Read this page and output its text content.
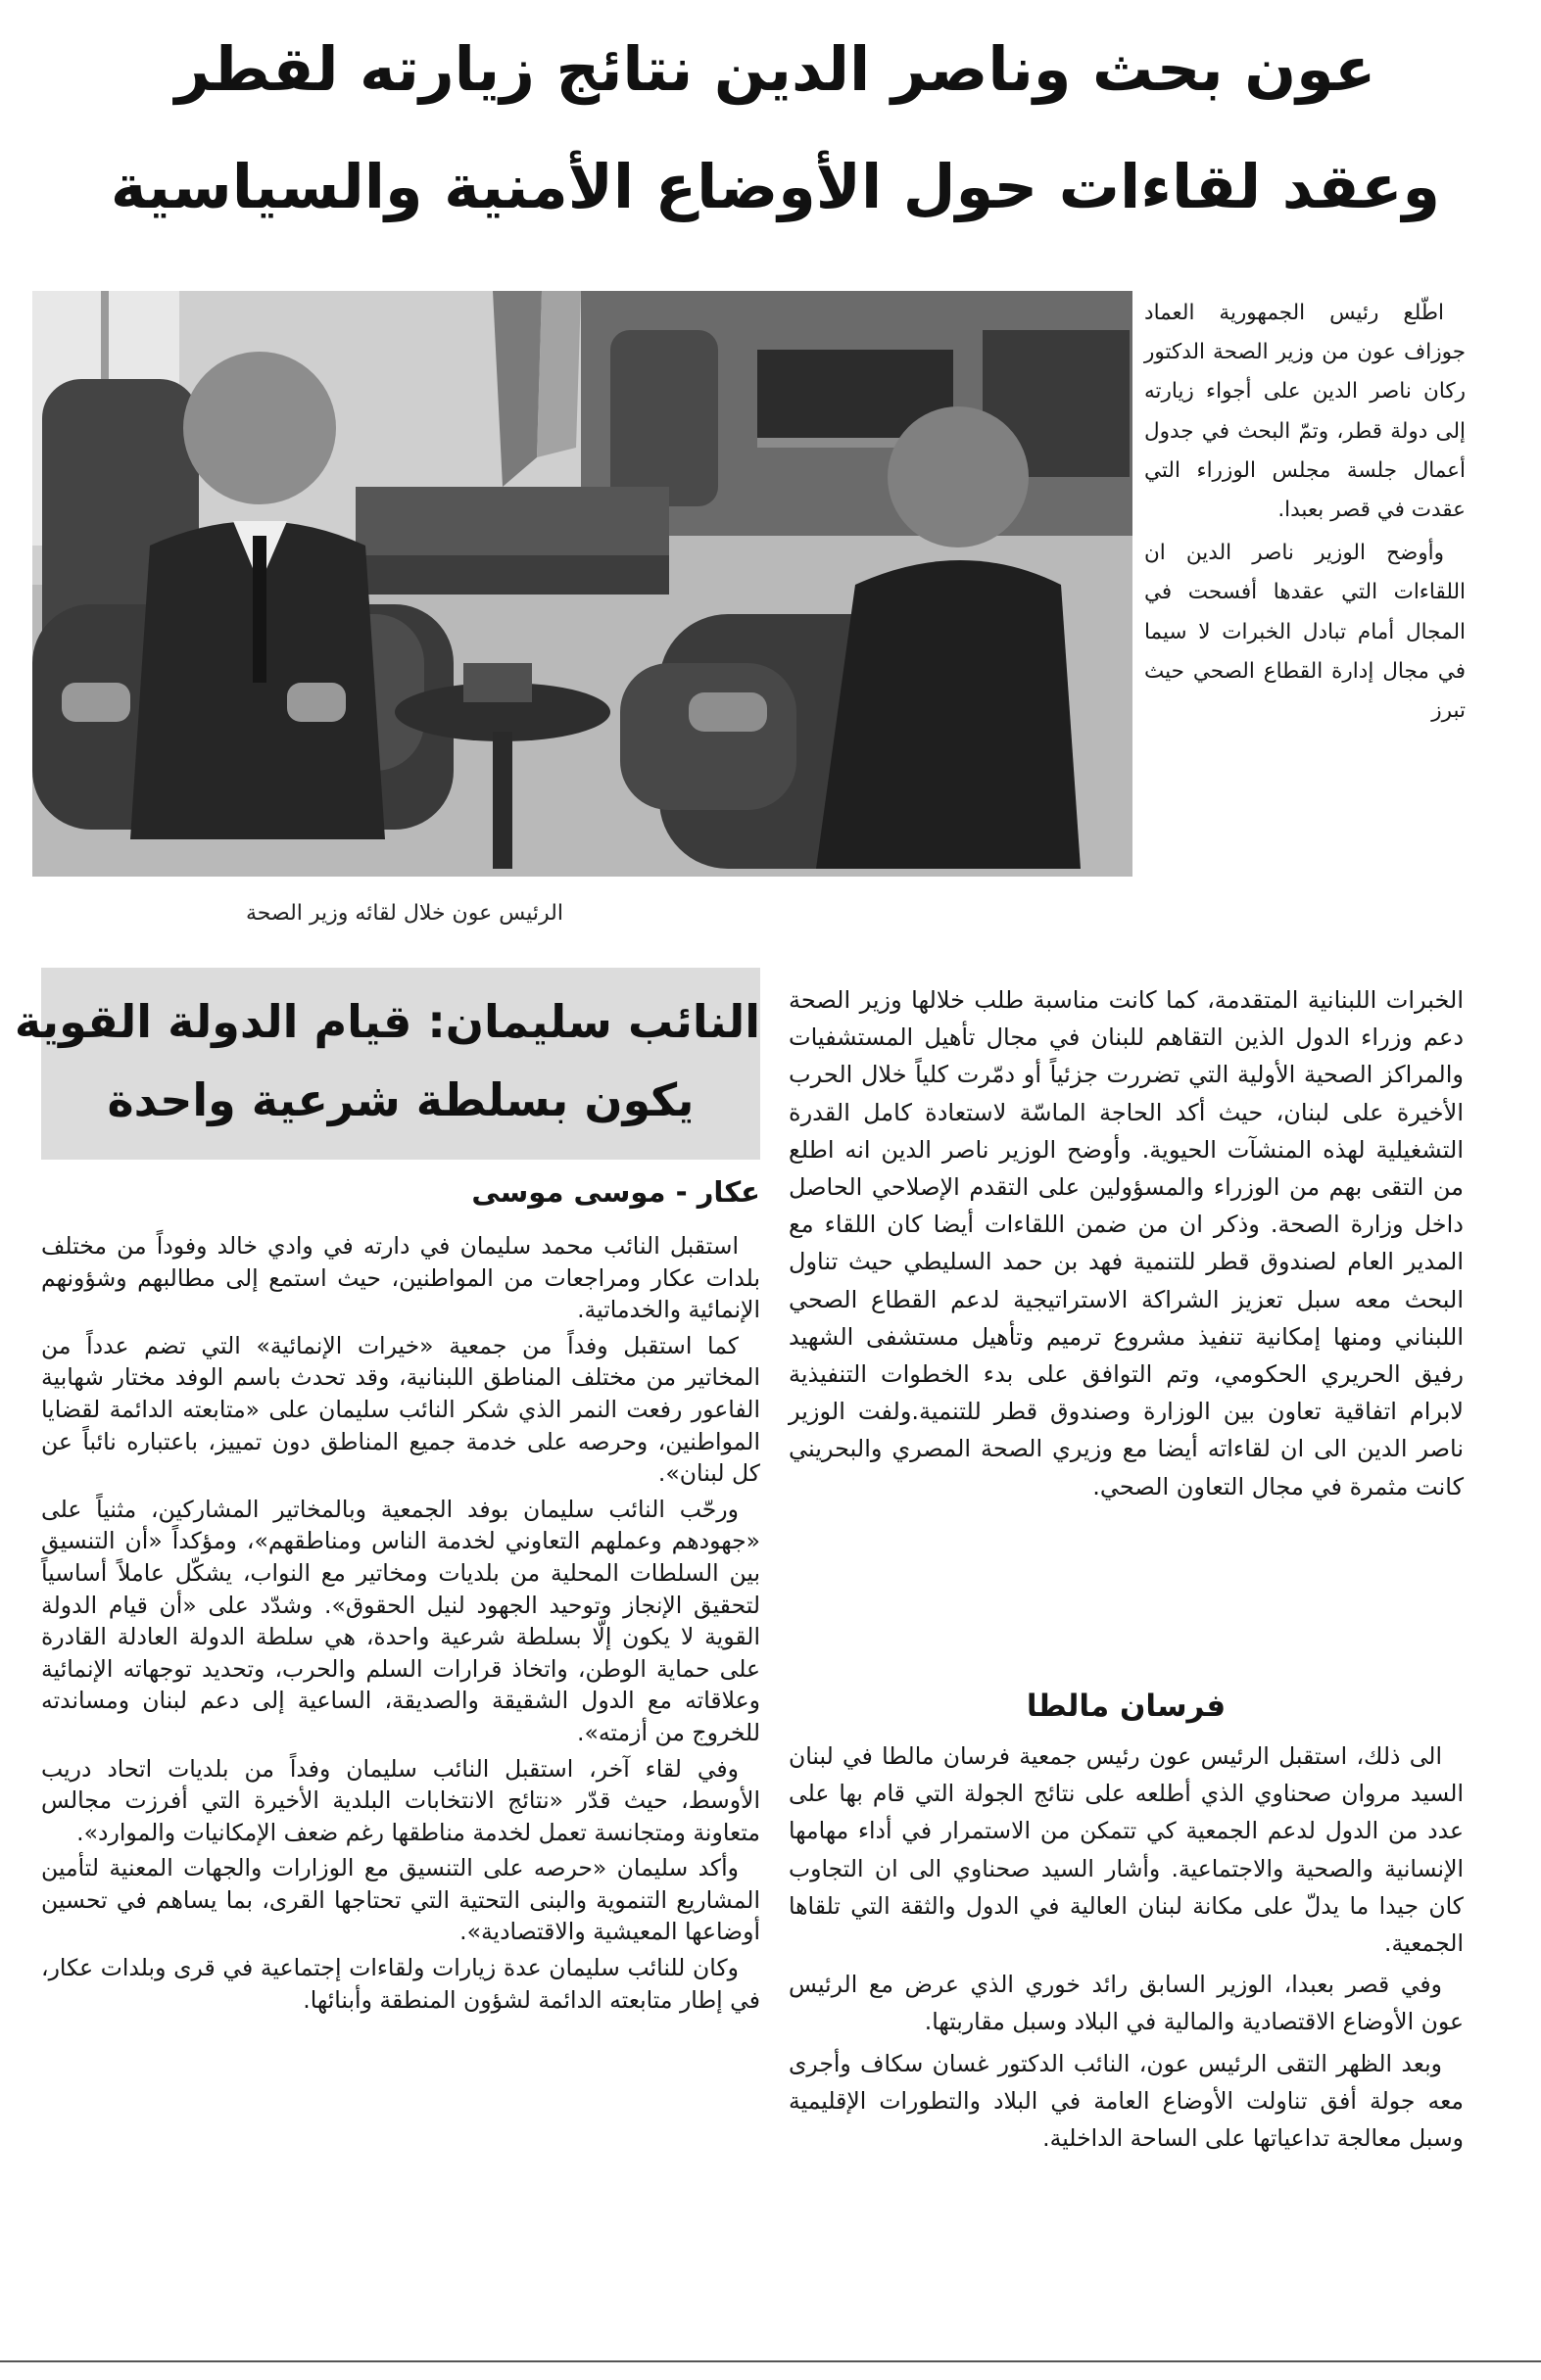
عون بحث وناصر الدين نتائج زيارته لقطر
وعقد لقاءات حول الأوضاع الأمنية والسياسية
الرئيس عون خلال لقائه وزير الصحة

اطّلع رئيس الجمهورية العماد جوزاف عون من وزير الصحة الدكتور ركان ناصر الدين على أجواء زيارته إلى دولة قطر، وتمّ البحث في جدول أعمال جلسة مجلس الوزراء التي عقدت في قصر بعبدا.

وأوضح الوزير ناصر الدين ان اللقاءات التي عقدها أفسحت في المجال أمام تبادل الخبرات لا سيما في مجال إدارة القطاع الصحي حيث تبرز

الخبرات اللبنانية المتقدمة، كما كانت مناسبة طلب خلالها وزير الصحة دعم وزراء الدول الذين التقاهم للبنان في مجال تأهيل المستشفيات والمراكز الصحية الأولية التي تضررت جزئياً أو دمّرت كلياً خلال الحرب الأخيرة على لبنان، حيث أكد الحاجة الماسّة لاستعادة كامل القدرة التشغيلية لهذه المنشآت الحيوية. وأوضح الوزير ناصر الدين انه اطلع من التقى بهم من الوزراء والمسؤولين على التقدم الإصلاحي الحاصل داخل وزارة الصحة. وذكر ان من ضمن اللقاءات أيضا كان اللقاء مع المدير العام لصندوق قطر للتنمية فهد بن حمد السليطي حيث تناول البحث معه سبل تعزيز الشراكة الاستراتيجية لدعم القطاع الصحي اللبناني ومنها إمكانية تنفيذ مشروع ترميم وتأهيل مستشفى الشهيد رفيق الحريري الحكومي، وتم التوافق على بدء الخطوات التنفيذية لابرام اتفاقية تعاون بين الوزارة وصندوق قطر للتنمية.ولفت الوزير ناصر الدين الى ان لقاءاته أيضا مع وزيري الصحة المصري والبحريني كانت مثمرة في مجال التعاون الصحي.

فرسان مالطا

الى ذلك، استقبل الرئيس عون رئيس جمعية فرسان مالطا في لبنان السيد مروان صحناوي الذي أطلعه على نتائج الجولة التي قام بها على عدد من الدول لدعم الجمعية كي تتمكن من الاستمرار في أداء مهامها الإنسانية والصحية والاجتماعية. وأشار السيد صحناوي الى ان التجاوب كان جيدا ما يدلّ على مكانة لبنان العالية في الدول والثقة التي تلقاها الجمعية.

وفي قصر بعبدا، الوزير السابق رائد خوري الذي عرض مع الرئيس عون الأوضاع الاقتصادية والمالية في البلاد وسبل مقاربتها.

وبعد الظهر التقى الرئيس عون، النائب الدكتور غسان سكاف وأجرى معه جولة أفق تناولت الأوضاع العامة في البلاد والتطورات الإقليمية وسبل معالجة تداعياتها على الساحة الداخلية.

النائب سليمان: قيام الدولة القوية
يكون بسلطة شرعية واحدة
عكار - موسى موسى

استقبل النائب محمد سليمان في دارته في وادي خالد وفوداً من مختلف بلدات عكار ومراجعات من المواطنين، حيث استمع إلى مطالبهم وشؤونهم الإنمائية والخدماتية.

كما استقبل وفداً من جمعية «خيرات الإنمائية» التي تضم عدداً من المخاتير من مختلف المناطق اللبنانية، وقد تحدث باسم الوفد مختار شهابية الفاعور رفعت النمر الذي شكر النائب سليمان على «متابعته الدائمة لقضايا المواطنين، وحرصه على خدمة جميع المناطق دون تمييز، باعتباره نائباً عن كل لبنان».

ورحّب النائب سليمان بوفد الجمعية وبالمخاتير المشاركين، مثنياً على «جهودهم وعملهم التعاوني لخدمة الناس ومناطقهم»، ومؤكداً «أن التنسيق بين السلطات المحلية من بلديات ومخاتير مع النواب، يشكّل عاملاً أساسياً لتحقيق الإنجاز وتوحيد الجهود لنيل الحقوق». وشدّد على «أن قيام الدولة القوية لا يكون إلّا بسلطة شرعية واحدة، هي سلطة الدولة العادلة القادرة على حماية الوطن، واتخاذ قرارات السلم والحرب، وتحديد توجهاته الإنمائية وعلاقاته مع الدول الشقيقة والصديقة، الساعية إلى دعم لبنان ومساندته للخروج من أزمته».

وفي لقاء آخر، استقبل النائب سليمان وفداً من بلديات اتحاد دريب الأوسط، حيث قدّر «نتائج الانتخابات البلدية الأخيرة التي أفرزت مجالس متعاونة ومتجانسة تعمل لخدمة مناطقها رغم ضعف الإمكانيات والموارد».

وأكد سليمان «حرصه على التنسيق مع الوزارات والجهات المعنية لتأمين المشاريع التنموية والبنى التحتية التي تحتاجها القرى، بما يساهم في تحسين أوضاعها المعيشية والاقتصادية».

وكان للنائب سليمان عدة زيارات ولقاءات إجتماعية في قرى وبلدات عكار، في إطار متابعته الدائمة لشؤون المنطقة وأبنائها.
